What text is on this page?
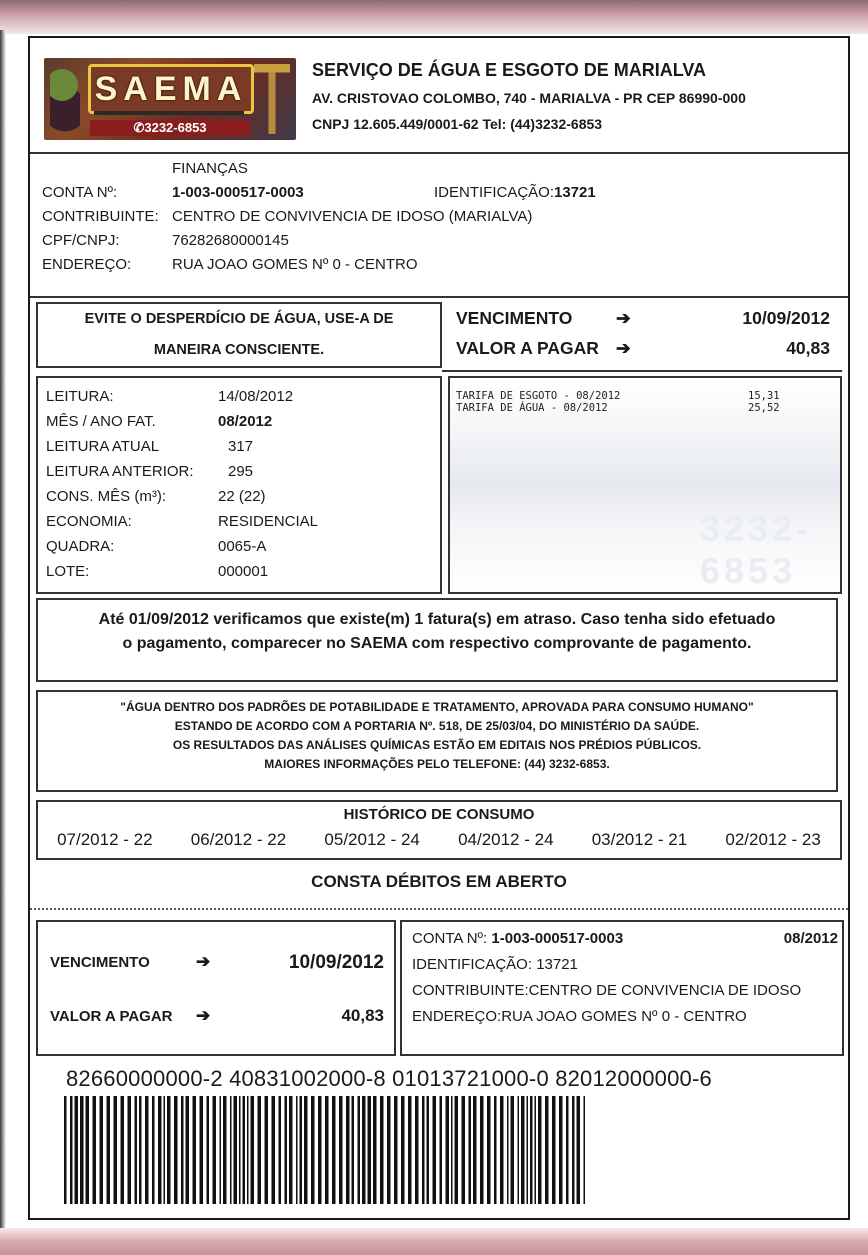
SAEMA
✆3232-6853
SERVIÇO DE ÁGUA E ESGOTO DE MARIALVA
AV. CRISTOVAO COLOMBO, 740 - MARIALVA - PR CEP 86990-000
CNPJ 12.605.449/0001-62 Tel: (44)3232-6853
FINANÇAS
CONTA Nº:	1-003-000517-0003	IDENTIFICAÇÃO: 13721
CONTRIBUINTE: CENTRO DE CONVIVENCIA DE IDOSO (MARIALVA)
CPF/CNPJ:	76282680000145
ENDEREÇO:	RUA JOAO GOMES Nº 0 - CENTRO
EVITE O DESPERDÍCIO DE ÁGUA, USE-A DE
MANEIRA CONSCIENTE.
VENCIMENTO ➔	10/09/2012
VALOR A PAGAR ➔	40,83
LEITURA:	14/08/2012
MÊS / ANO FAT.	08/2012
LEITURA ATUAL	317
LEITURA ANTERIOR: 295
CONS. MÊS (m³):	22 (22)
ECONOMIA:	RESIDENCIAL
QUADRA:	0065-A
LOTE:	000001
3232-6853
TARIFA DE ESGOTO - 08/2012	15,31
TARIFA DE ÁGUA - 08/2012	25,52
Até 01/09/2012 verificamos que existe(m) 1 fatura(s) em atraso. Caso tenha sido efetuado
o pagamento, comparecer no SAEMA com respectivo comprovante de pagamento.
"ÁGUA DENTRO DOS PADRÕES DE POTABILIDADE E TRATAMENTO, APROVADA PARA CONSUMO HUMANO"
ESTANDO DE ACORDO COM A PORTARIA Nº. 518, DE 25/03/04, DO MINISTÉRIO DA SAÚDE.
OS RESULTADOS DAS ANÁLISES QUÍMICAS ESTÃO EM EDITAIS NOS PRÉDIOS PÚBLICOS.
MAIORES INFORMAÇÕES PELO TELEFONE: (44) 3232-6853.
HISTÓRICO DE CONSUMO
07/2012 - 22 06/2012 - 22 05/2012 - 24 04/2012 - 24 03/2012 - 21 02/2012 - 23
CONSTA DÉBITOS EM ABERTO
VENCIMENTO	➔	10/09/2012
VALOR A PAGAR ➔	40,83
CONTA Nº: 1-003-000517-0003	08/2012
IDENTIFICAÇÃO: 13721
CONTRIBUINTE:CENTRO DE CONVIVENCIA DE IDOSO
ENDEREÇO:RUA JOAO GOMES Nº 0 - CENTRO
82660000000-2 40831002000-8 01013721000-0 82012000000-6
